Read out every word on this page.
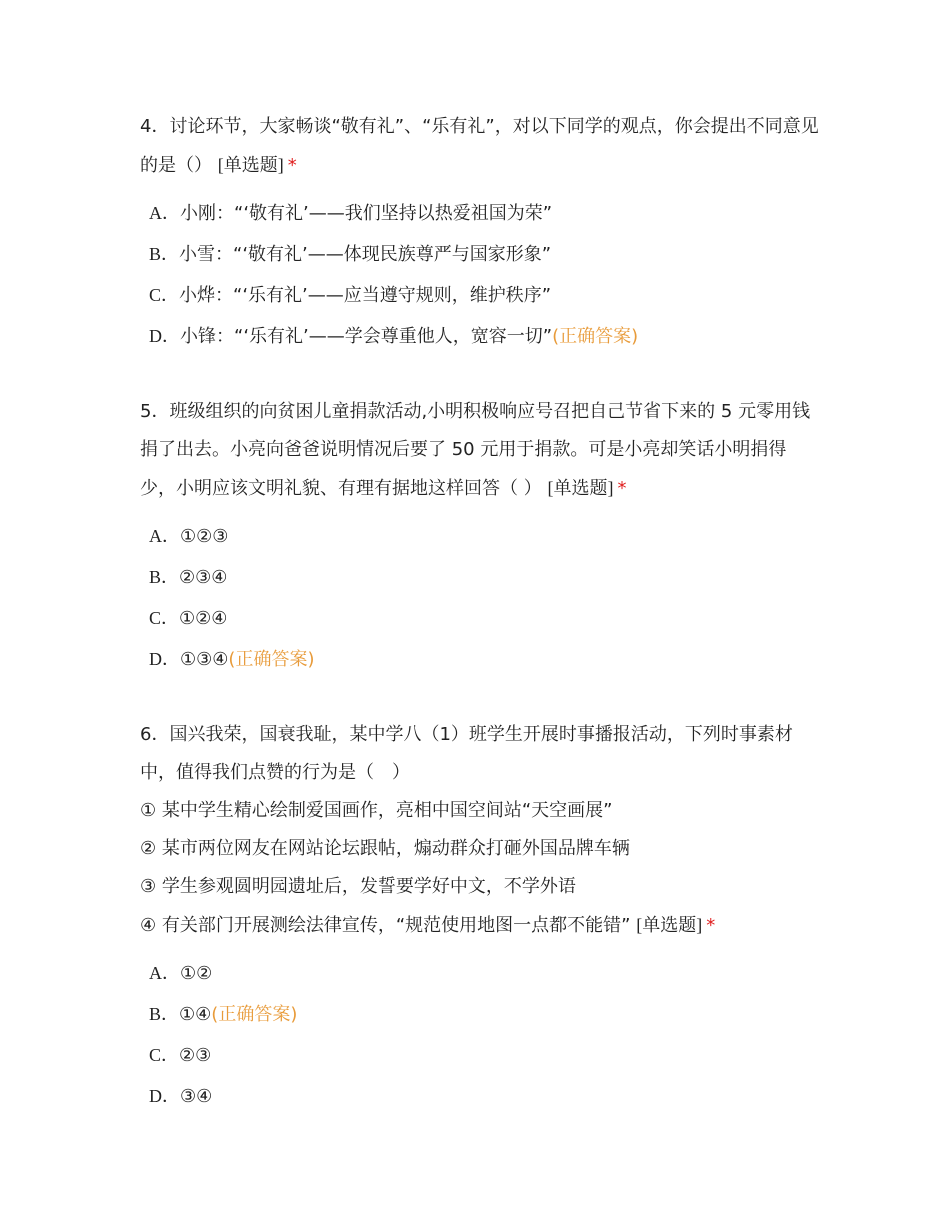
4．讨论环节，大家畅谈“敬有礼”、“乐有礼”，对以下同学的观点，你会提出不同意见的是（） [单选题] *

A．小刚：“‘敬有礼’——我们坚持以热爱祖国为荣”
B．小雪：“‘敬有礼’——体现民族尊严与国家形象”
C．小烨：“‘乐有礼’——应当遵守规则，维护秩序”
D．小锋：“‘乐有礼’——学会尊重他人，宽容一切”(正确答案)

5．班级组织的向贫困儿童捐款活动,小明积极响应号召把自己节省下来的 5 元零用钱捐了出去。小亮向爸爸说明情况后要了 50 元用于捐款。可是小亮却笑话小明捐得少，小明应该文明礼貌、有理有据地这样回答（ ） [单选题] *

A．①②③
B．②③④
C．①②④
D．①③④(正确答案)

6．国兴我荣，国衰我耻，某中学八（1）班学生开展时事播报活动，下列时事素材

中，值得我们点赞的行为是（　）

① 某中学生精心绘制爱国画作，亮相中国空间站“天空画展”

② 某市两位网友在网站论坛跟帖，煽动群众打砸外国品牌车辆

③ 学生参观圆明园遗址后，发誓要学好中文，不学外语

④ 有关部门开展测绘法律宣传，“规范使用地图一点都不能错” [单选题] *

A．①②
B．①④(正确答案)
C．②③
D．③④
